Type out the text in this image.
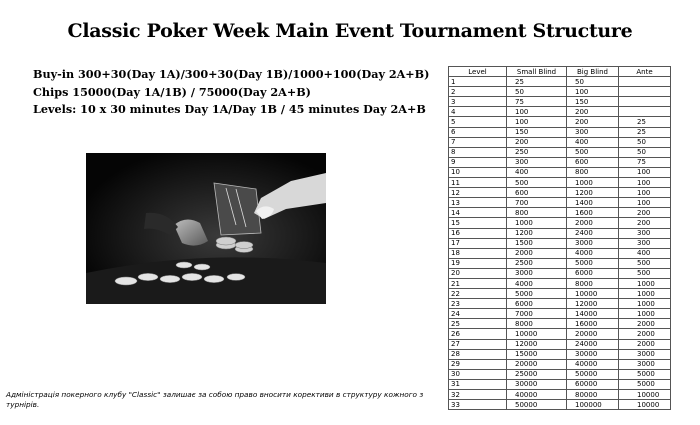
Classic Poker Week Main Event Tournament Structure
Buy-in 300+30(Day 1A)/300+30(Day 1B)/1000+100(Day 2A+B)
Chips 15000(Day 1A/1B) / 75000(Day 2A+B)
Levels: 10 x 30 minutes Day 1A/Day 1B / 45 minutes Day 2A+B
Адміністрація покерного клубу "Classic" залишає за собою право вносити корективи в структуру кожного з турнірів.
Level	Small Blind	Big Blind	Ante
1	25	50	
2	50	100	
3	75	150	
4	100	200	
5	100	200	25
6	150	300	25
7	200	400	50
8	250	500	50
9	300	600	75
10	400	800	100
11	500	1000	100
12	600	1200	100
13	700	1400	100
14	800	1600	200
15	1000	2000	200
16	1200	2400	300
17	1500	3000	300
18	2000	4000	400
19	2500	5000	500
20	3000	6000	500
21	4000	8000	1000
22	5000	10000	1000
23	6000	12000	1000
24	7000	14000	1000
25	8000	16000	2000
26	10000	20000	2000
27	12000	24000	2000
28	15000	30000	3000
29	20000	40000	3000
30	25000	50000	5000
31	30000	60000	5000
32	40000	80000	10000
33	50000	100000	10000
